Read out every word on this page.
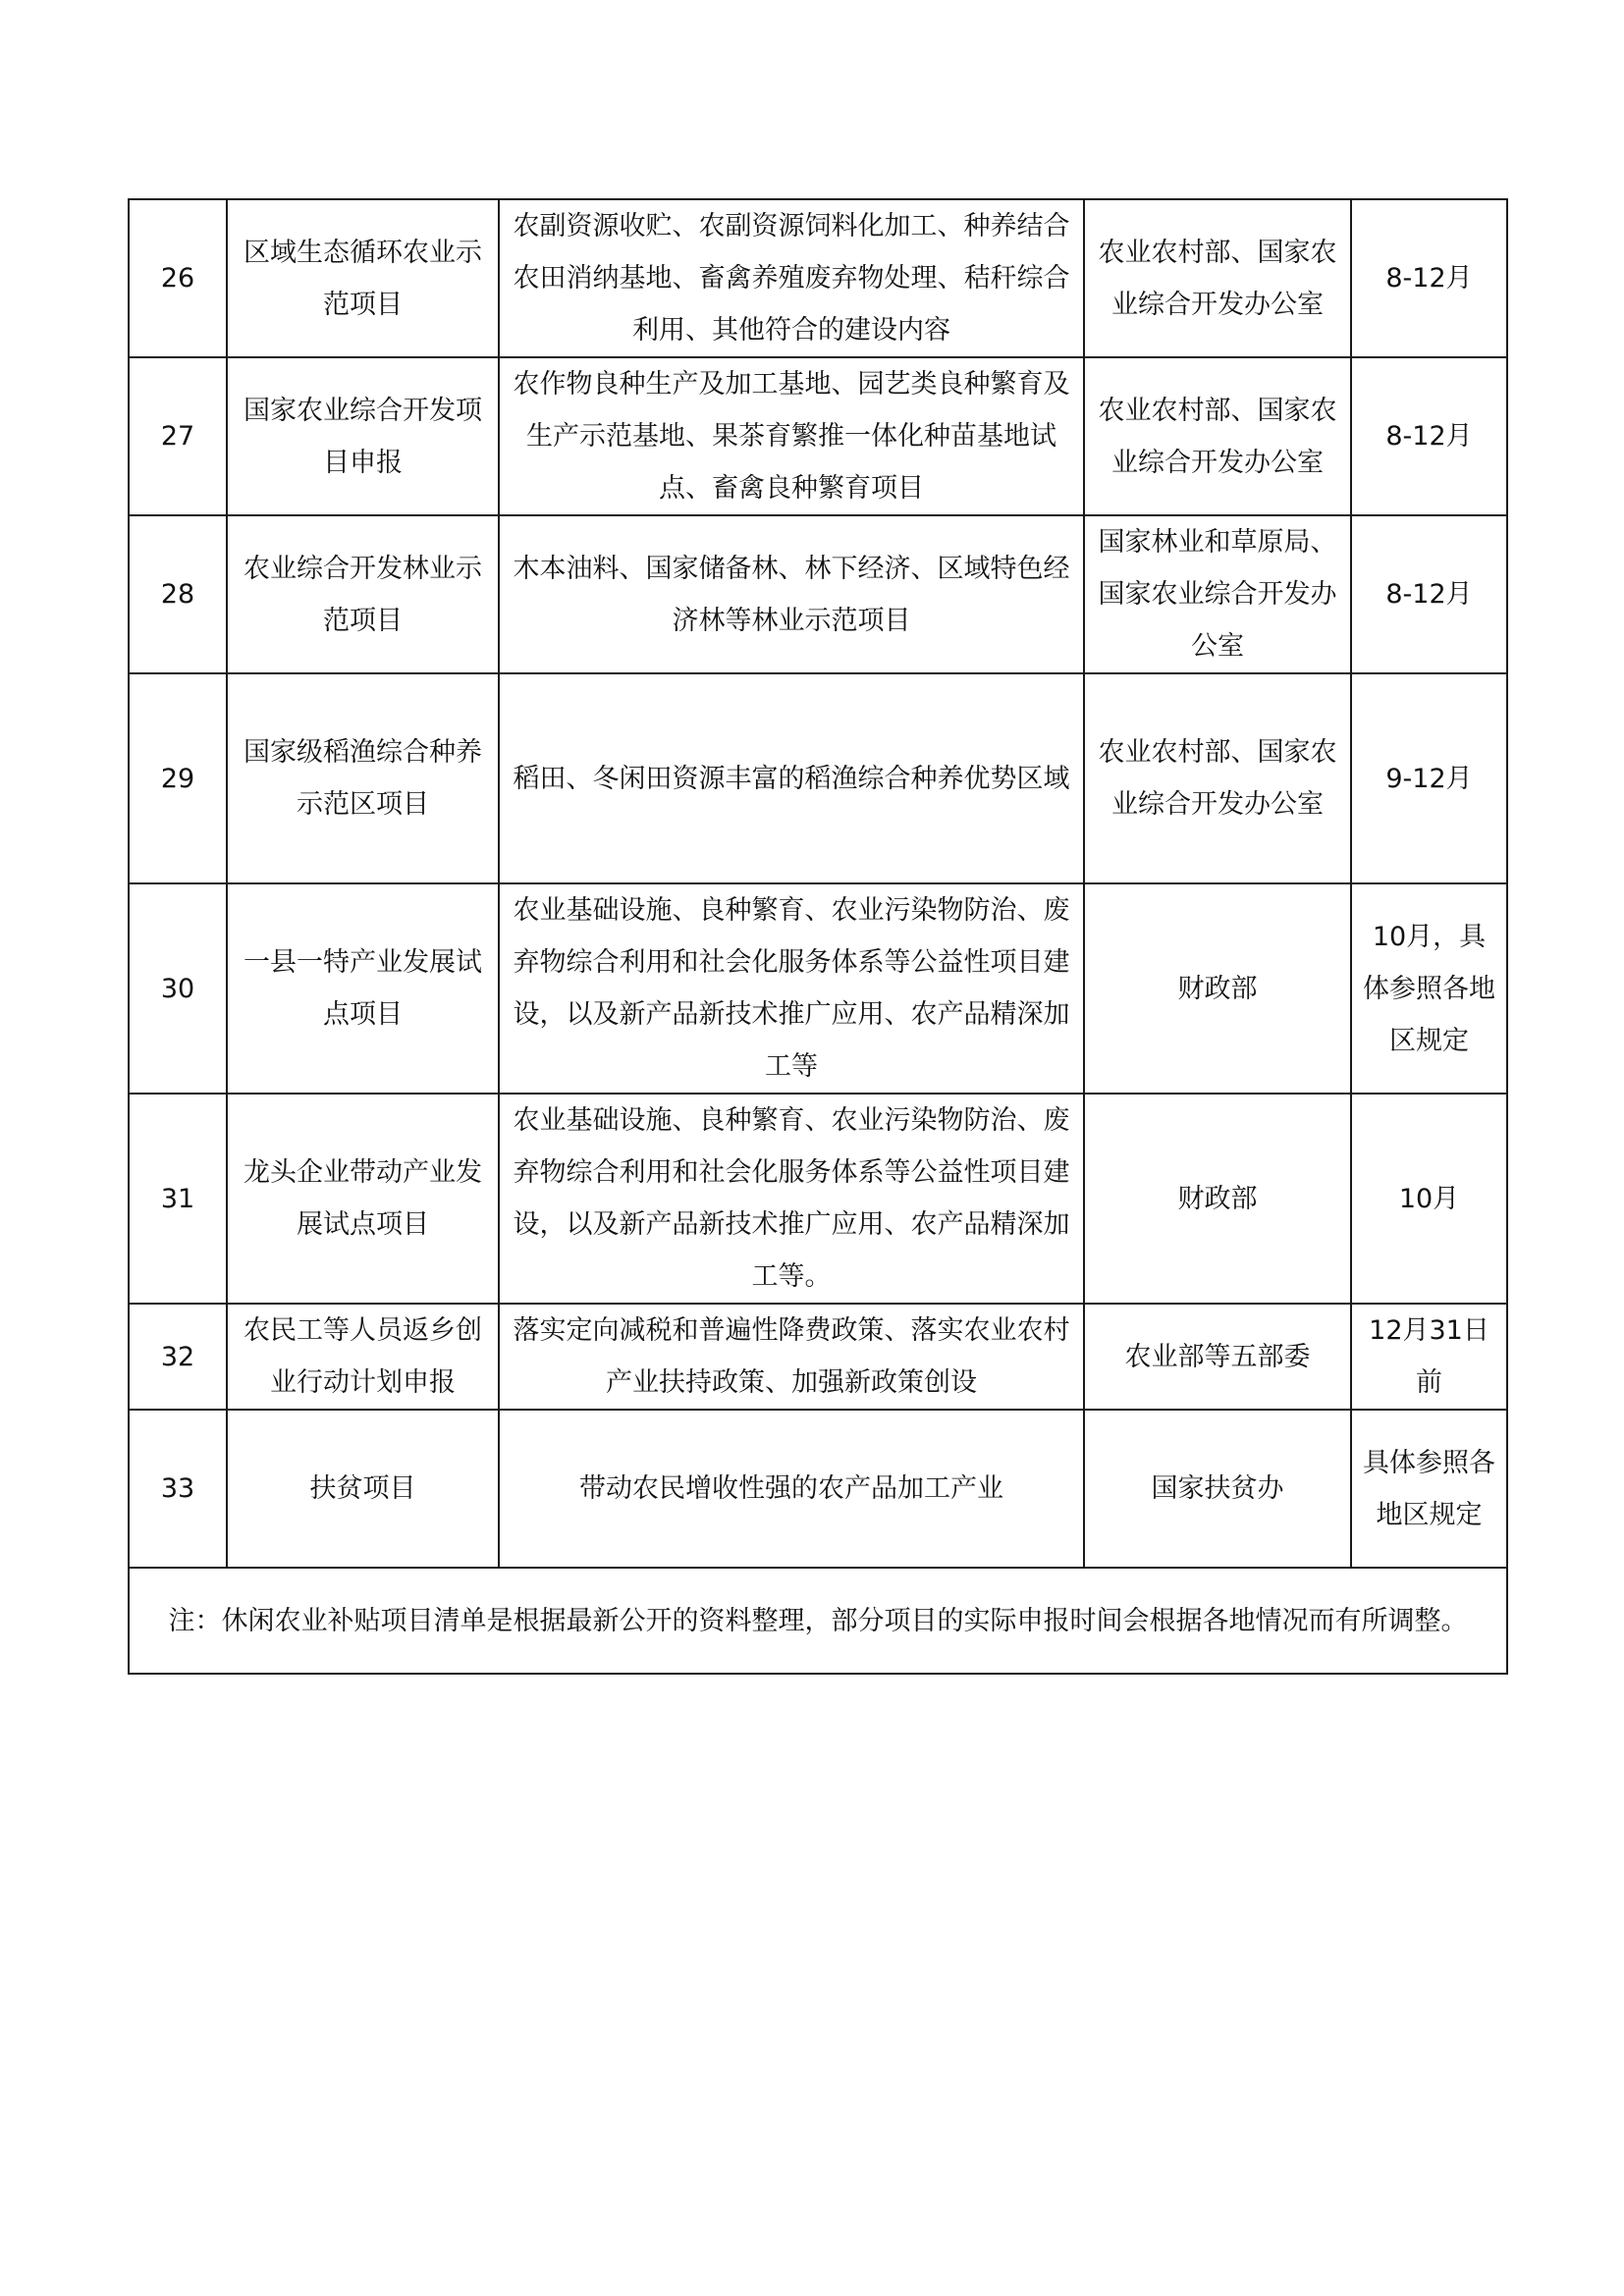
26	区域生态循环农业示范项目	农副资源收贮、农副资源饲料化加工、种养结合农田消纳基地、畜禽养殖废弃物处理、秸秆综合利用、其他符合的建设内容	农业农村部、国家农业综合开发办公室	8-12月
27	国家农业综合开发项目申报	农作物良种生产及加工基地、园艺类良种繁育及生产示范基地、果茶育繁推一体化种苗基地试点、畜禽良种繁育项目	农业农村部、国家农业综合开发办公室	8-12月
28	农业综合开发林业示范项目	木本油料、国家储备林、林下经济、区域特色经济林等林业示范项目	国家林业和草原局、国家农业综合开发办公室	8-12月
29	国家级稻渔综合种养示范区项目	稻田、冬闲田资源丰富的稻渔综合种养优势区域	农业农村部、国家农业综合开发办公室	9-12月
30	一县一特产业发展试点项目	农业基础设施、良种繁育、农业污染物防治、废弃物综合利用和社会化服务体系等公益性项目建设，以及新产品新技术推广应用、农产品精深加工等	财政部	10月，具体参照各地区规定
31	龙头企业带动产业发展试点项目	农业基础设施、良种繁育、农业污染物防治、废弃物综合利用和社会化服务体系等公益性项目建设，以及新产品新技术推广应用、农产品精深加工等。	财政部	10月
32	农民工等人员返乡创业行动计划申报	落实定向减税和普遍性降费政策、落实农业农村产业扶持政策、加强新政策创设	农业部等五部委	12月31日前
33	扶贫项目	带动农民增收性强的农产品加工产业	国家扶贫办	具体参照各地区规定
注：休闲农业补贴项目清单是根据最新公开的资料整理，部分项目的实际申报时间会根据各地情况而有所调整。				
